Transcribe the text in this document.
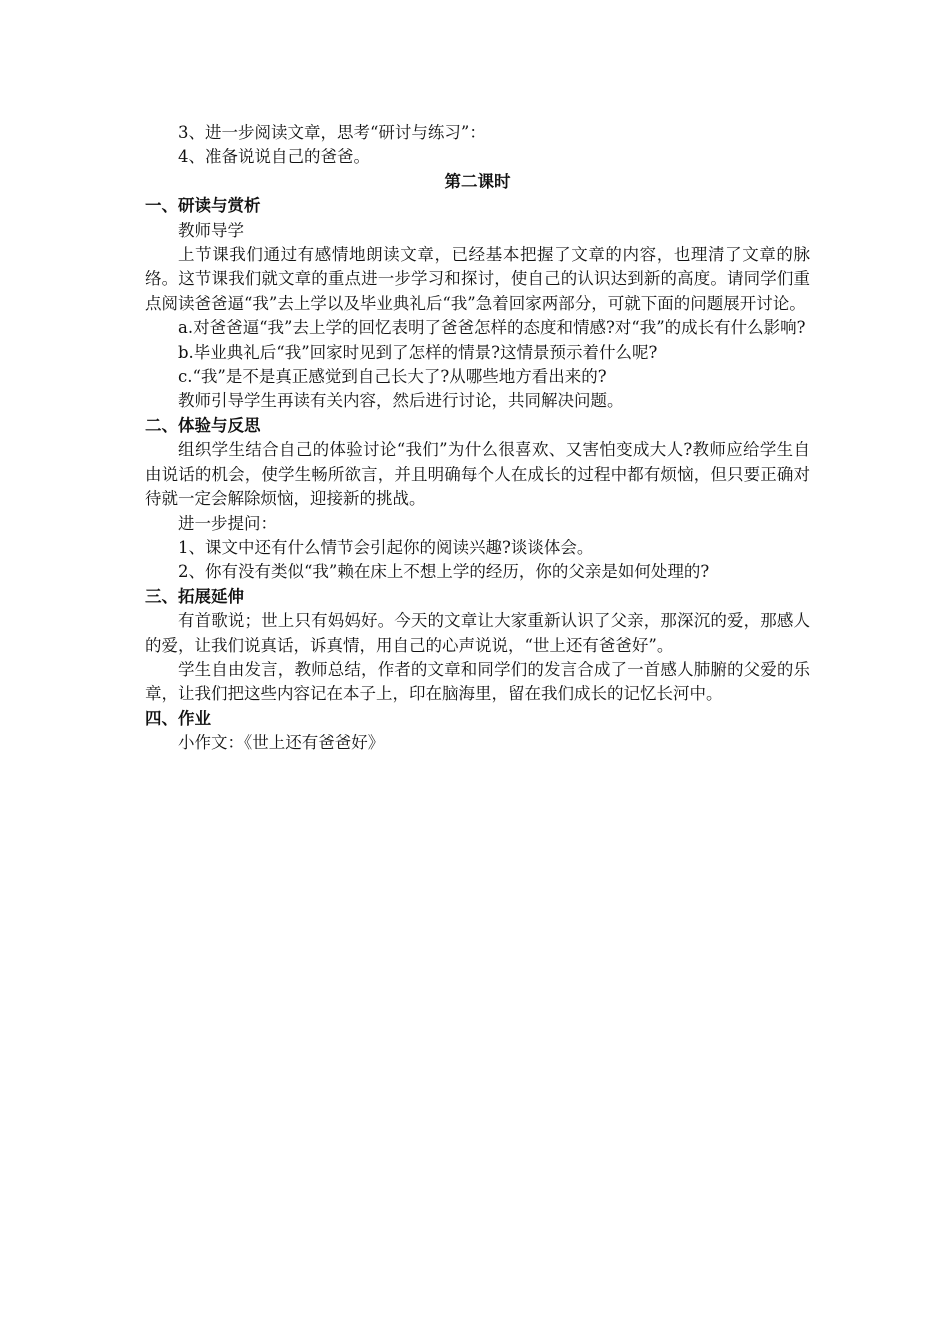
3、进一步阅读文章，思考“研讨与练习”：

4、准备说说自己的爸爸。

第二课时

一、研读与赏析

教师导学

上节课我们通过有感情地朗读文章，已经基本把握了文章的内容，也理清了文章的脉络。这节课我们就文章的重点进一步学习和探讨，使自己的认识达到新的高度。请同学们重点阅读爸爸逼“我”去上学以及毕业典礼后“我”急着回家两部分，可就下面的问题展开讨论。

a.对爸爸逼“我”去上学的回忆表明了爸爸怎样的态度和情感?对“我”的成长有什么影响?

b.毕业典礼后“我”回家时见到了怎样的情景?这情景预示着什么呢?

c.“我”是不是真正感觉到自己长大了?从哪些地方看出来的?

教师引导学生再读有关内容，然后进行讨论，共同解决问题。

二、体验与反思

组织学生结合自己的体验讨论“我们”为什么很喜欢、又害怕变成大人?教师应给学生自由说话的机会，使学生畅所欲言，并且明确每个人在成长的过程中都有烦恼，但只要正确对待就一定会解除烦恼，迎接新的挑战。

进一步提问：

1、课文中还有什么情节会引起你的阅读兴趣?谈谈体会。

2、你有没有类似“我”赖在床上不想上学的经历，你的父亲是如何处理的?

三、拓展延伸

有首歌说；世上只有妈妈好。今天的文章让大家重新认识了父亲，那深沉的爱，那感人的爱，让我们说真话，诉真情，用自己的心声说说，“世上还有爸爸好”。

学生自由发言，教师总结，作者的文章和同学们的发言合成了一首感人肺腑的父爱的乐章，让我们把这些内容记在本子上，印在脑海里，留在我们成长的记忆长河中。

四、作业

小作文：《世上还有爸爸好》
